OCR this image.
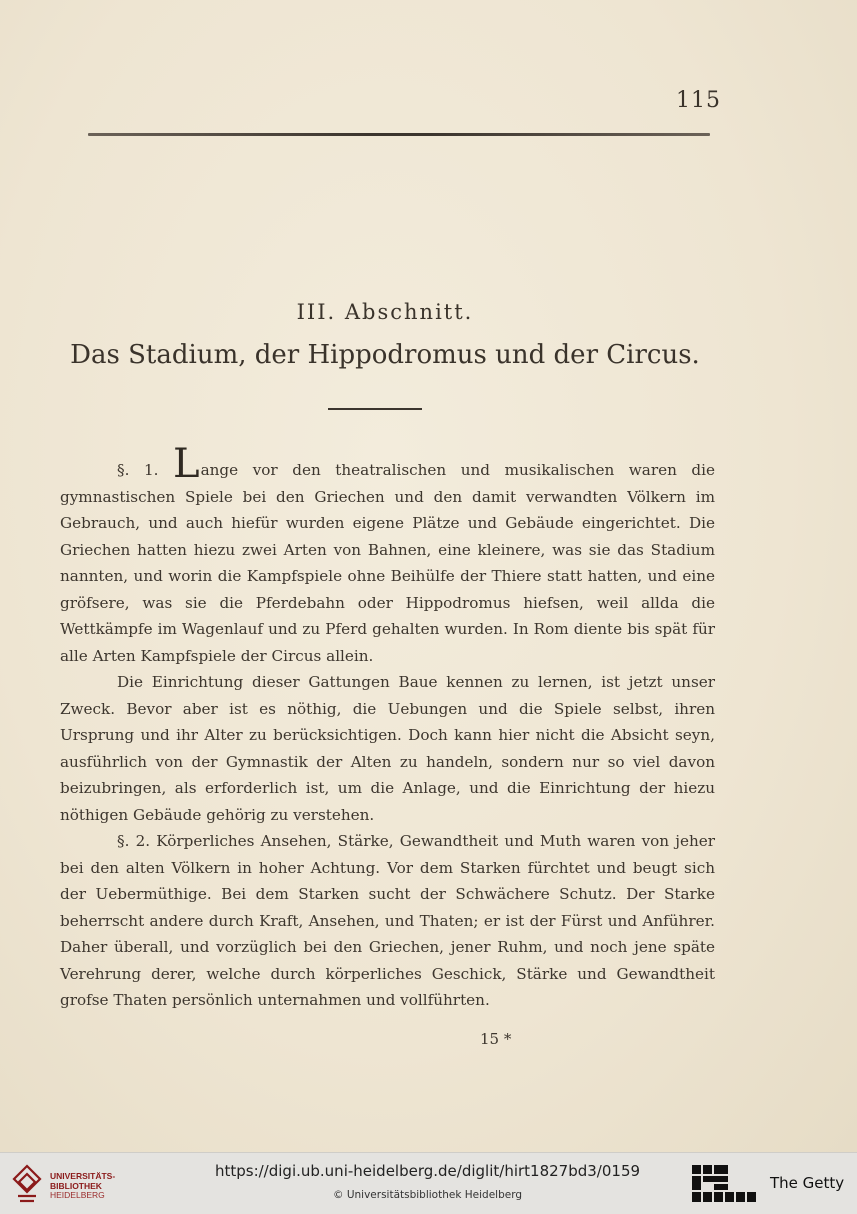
115
III. Abschnitt.
Das Stadium, der Hippodromus und der Circus.

§. 1. Lange vor den theatralischen und musikalischen waren die gymnastischen Spiele bei den Griechen und den damit verwandten Völkern im Gebrauch, und auch hiefür wurden eigene Plätze und Gebäude eingerichtet. Die Griechen hatten hiezu zwei Arten von Bahnen, eine kleinere, was sie das Stadium nannten, und worin die Kampfspiele ohne Beihülfe der Thiere statt hatten, und eine gröfsere, was sie die Pferdebahn oder Hippodromus hiefsen, weil allda die Wettkämpfe im Wagenlauf und zu Pferd gehalten wurden. In Rom diente bis spät für alle Arten Kampfspiele der Circus allein.

Die Einrichtung dieser Gattungen Baue kennen zu lernen, ist jetzt unser Zweck. Bevor aber ist es nöthig, die Uebungen und die Spiele selbst, ihren Ursprung und ihr Alter zu berücksichtigen. Doch kann hier nicht die Absicht seyn, ausführlich von der Gymnastik der Alten zu handeln, sondern nur so viel davon beizubringen, als erforderlich ist, um die Anlage, und die Einrichtung der hiezu nöthigen Gebäude gehörig zu verstehen.

§. 2. Körperliches Ansehen, Stärke, Gewandtheit und Muth waren von jeher bei den alten Völkern in hoher Achtung. Vor dem Starken fürchtet und beugt sich der Uebermüthige. Bei dem Starken sucht der Schwächere Schutz. Der Starke beherrscht andere durch Kraft, Ansehen, und Thaten; er ist der Fürst und Anführer. Daher überall, und vorzüglich bei den Griechen, jener Ruhm, und noch jene späte Verehrung derer, welche durch körperliches Geschick, Stärke und Gewandtheit grofse Thaten persönlich unternahmen und vollführten.

15 *
UNIVERSITÄTS-
BIBLIOTHEK
HEIDELBERG
https://digi.ub.uni-heidelberg.de/diglit/hirt1827bd3/0159
© Universitätsbibliothek Heidelberg
The Getty
